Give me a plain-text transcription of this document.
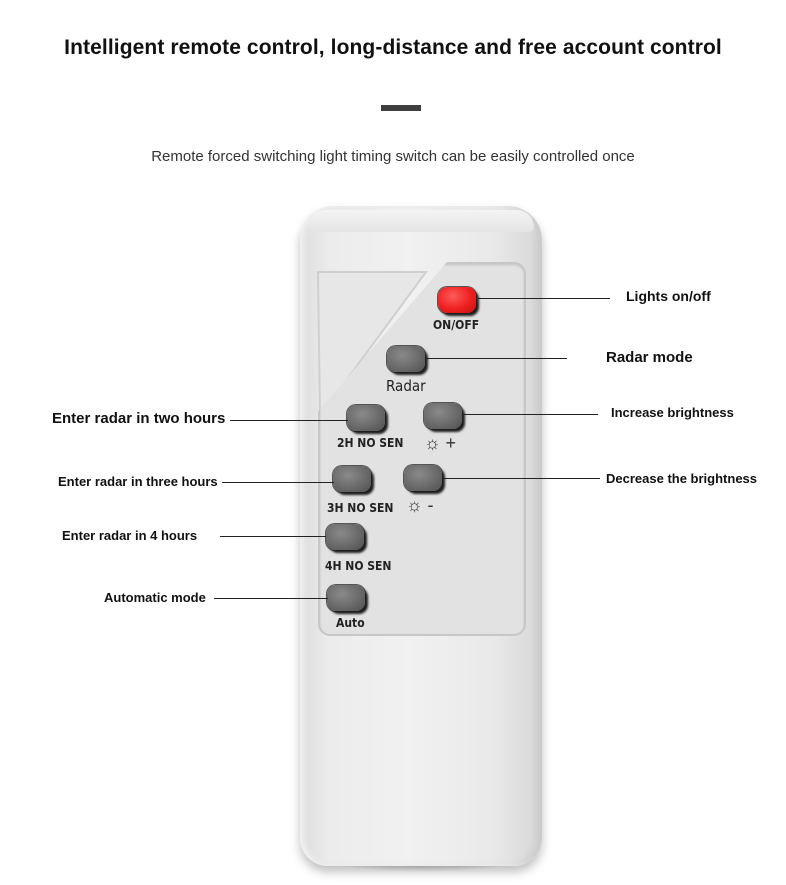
Intelligent remote control, long-distance and free account control
Remote forced switching light timing switch can be easily controlled once
ON/OFF
Radar
2H NO SEN ☼ +
3H NO SEN ☼ -
4H NO SEN
Auto
Lights on/off
Radar mode
Enter radar in two hours	Increase brightness
Enter radar in three hours	Decrease the brightness
Enter radar in 4 hours
Automatic mode
